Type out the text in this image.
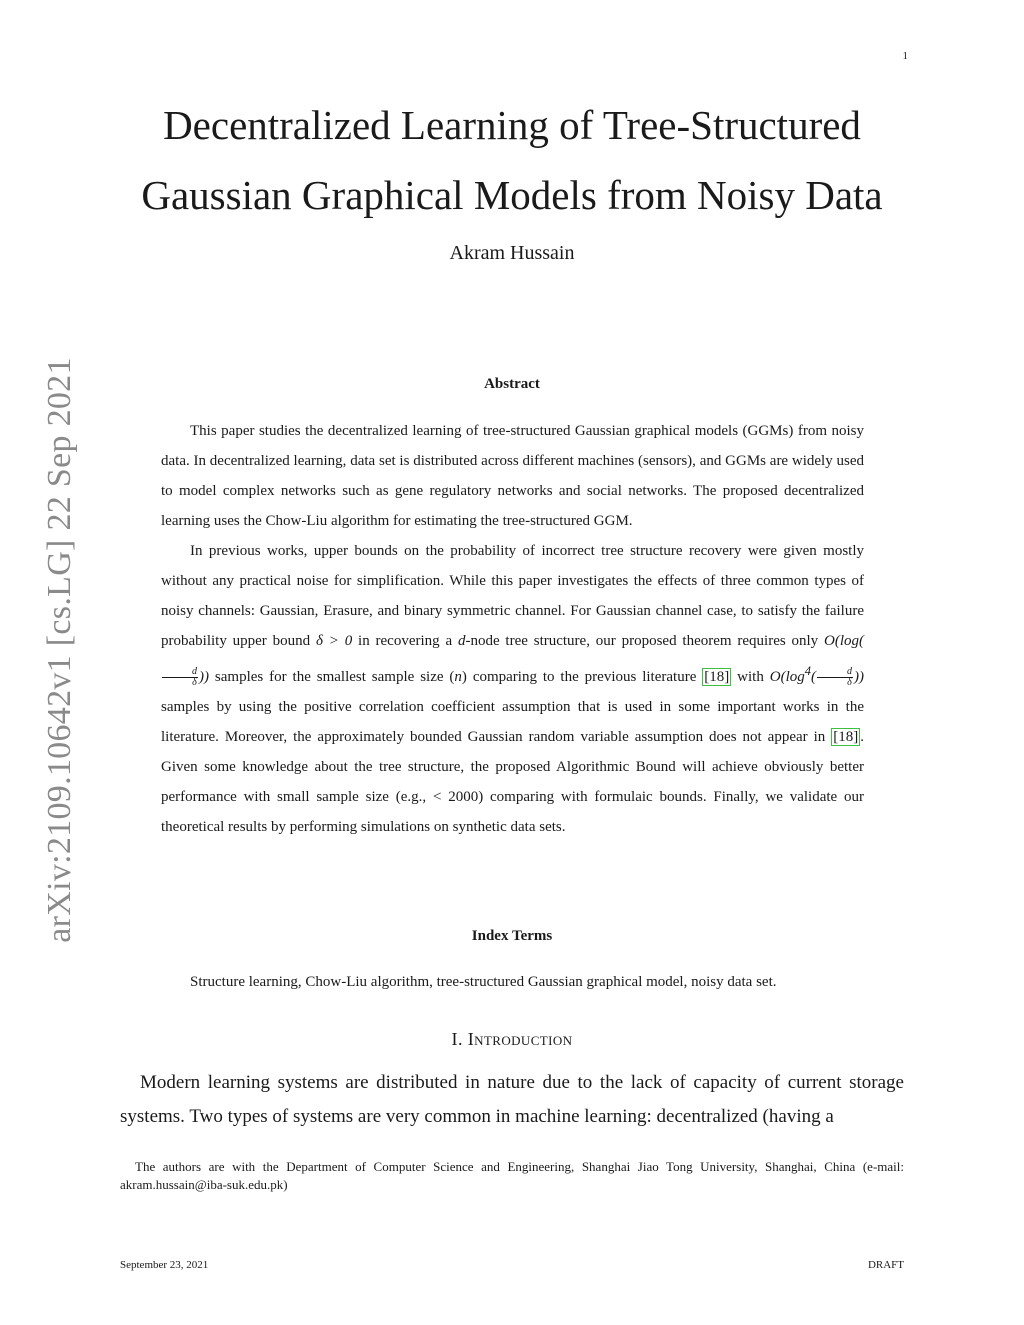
1
arXiv:2109.10642v1 [cs.LG] 22 Sep 2021
Decentralized Learning of Tree-Structured
Gaussian Graphical Models from Noisy Data
Akram Hussain
Abstract

This paper studies the decentralized learning of tree-structured Gaussian graphical models (GGMs) from noisy data. In decentralized learning, data set is distributed across different machines (sensors), and GGMs are widely used to model complex networks such as gene regulatory networks and social networks. The proposed decentralized learning uses the Chow-Liu algorithm for estimating the tree-structured GGM.

In previous works, upper bounds on the probability of incorrect tree structure recovery were given mostly without any practical noise for simplification. While this paper investigates the effects of three common types of noisy channels: Gaussian, Erasure, and binary symmetric channel. For Gaussian channel case, to satisfy the failure probability upper bound δ > 0 in recovering a d-node tree structure, our proposed theorem requires only O(log(
$\frac{d}{\delta}$ )) samples for the smallest sample size (n) comparing to the previous literature [18] with $O(\log^4( \frac{d}{\delta}$ )) samples by using the positive correlation coefficient assumption that is used in some important works in the literature. Moreover, the approximately bounded Gaussian random variable assumption does not appear in [18] . Given some knowledge about the tree structure, the proposed Algorithmic Bound will achieve obviously better performance with small sample size (e.g., < 2000) comparing with formulaic bounds. Finally, we validate our theoretical results by performing simulations on synthetic data sets.

Index Terms
Structure learning, Chow-Liu algorithm, tree-structured Gaussian graphical model, noisy data set.
I. Introduction

Modern learning systems are distributed in nature due to the lack of capacity of current storage systems. Two types of systems are very common in machine learning: decentralized (having a

The authors are with the Department of Computer Science and Engineering, Shanghai Jiao Tong University, Shanghai, China (e-mail: akram.hussain@iba-suk.edu.pk)

September 23, 2021	DRAFT
